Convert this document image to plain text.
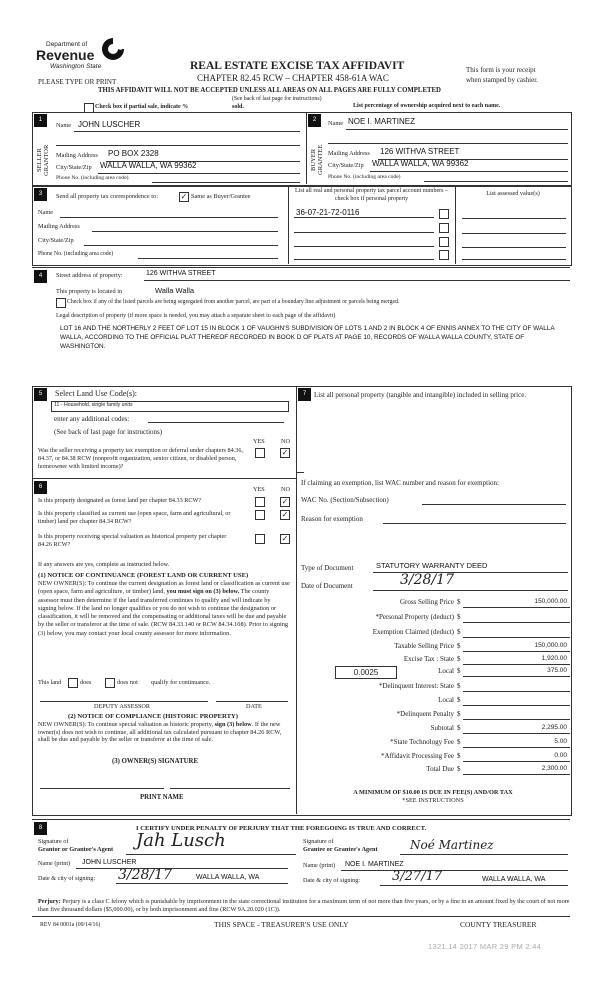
Department of
Revenue
Washington State	REAL ESTATE EXCISE TAX AFFIDAVIT
PLEASE TYPE OR PRINT	CHAPTER 82.45 RCW – CHAPTER 458-61A WAC
This form is your receipt
when stamped by cashier.
THIS AFFIDAVIT WILL NOT BE ACCEPTED UNLESS ALL AREAS ON ALL PAGES ARE FULLY COMPLETED
(See back of last page for instructions)
Check box if partial sale, indicate %	sold.	List percentage of ownership acquired next to each name.
1
SELLER GRANTOR
Name JOHN LUSCHER
Mailing Address PO BOX 2328
City/State/Zip WALLA WALLA, WA 99362
Phone No. (including area code)
2
BUYER GRANTEE
Name NOE I. MARTINEZ
Mailing Address 126 WITHVA STREET
City/State/Zip WALLA WALLA, WA 99362
Phone No. (including area code)
3	Send all property tax correspondence to:	✓ Same as Buyer/Grantee
Name
Mailing Address
City/State/Zip
Phone No. (including area code)
List all real and personal property tax parcel account numbers – check box if personal property
List assessed value(s)
36-07-21-72-0116
4	Street address of property:	126 WITHVA STREET
This property is located in	Walla Walla
Check box if any of the listed parcels are being segregated from another parcel, are part of a boundary line adjustment or parcels being merged.
Legal description of property (if more space is needed, you may attach a separate sheet to each page of the affidavit)
LOT 16 AND THE NORTHERLY 2 FEET OF LOT 15 IN BLOCK 1 OF VAUGHN'S SUBDIVISION OF LOTS 1 AND 2 IN BLOCK 4 OF ENNIS ANNEX TO THE CITY OF WALLA WALLA, ACCORDING TO THE OFFICIAL PLAT THEREOF RECORDED IN BOOK D OF PLATS AT PAGE 10, RECORDS OF WALLA WALLA COUNTY, STATE OF WASHINGTON.
5	Select Land Use Code(s):
11 - Household, single family units
enter any additional codes:
(See back of last page for instructions)
YES	NO
Was the seller receiving a property tax exemption or deferral under chapters 84.36, 84.37, or 84.38 RCW (nonprofit organization, senior citizen, or disabled person, homeowner with limited income)?
✓
6	YES	NO
Is this property designated as forest land per chapter 84.33 RCW?	✓
Is this property classified as current use (open space, farm and agricultural, or timber) land per chapter 84.34 RCW?
✓
Is this property receiving special valuation as historical property per chapter 84.26 RCW?
✓
If any answers are yes, complete as instructed below.
(1) NOTICE OF CONTINUANCE (FOREST LAND OR CURRENT USE)
NEW OWNER(S): To continue the current designation as forest land or classification as current use (open space, farm and agriculture, or timber) land, you must sign on (3) below. The county assessor must then determine if the land transferred continues to qualify and will indicate by signing below. If the land no longer qualifies or you do not wish to continue the designation or classification, it will be removed and the compensating or additional taxes will be due and payable by the seller or transferor at the time of sale. (RCW 84.33.140 or RCW 84.34.108). Prior to signing (3) below, you may contact your local county assessor for more information.
This land	does	does not qualify for continuance.
DEPUTY ASSESSOR	DATE
(2) NOTICE OF COMPLIANCE (HISTORIC PROPERTY)
NEW OWNER(S): To continue special valuation as historic property, sign (3) below. If the new owner(s) does not wish to continue, all additional tax calculated pursuant to chapter 84.26 RCW, shall be due and payable by the seller or transferor at the time of sale.
(3) OWNER(S) SIGNATURE
PRINT NAME
7	List all personal property (tangible and intangible) included in selling price.
If claiming an exemption, list WAC number and reason for exemption:
WAC No. (Section/Subsection)
Reason for exemption
Type of Document	STATUTORY WARRANTY DEED
Date of Document	3/28/17
Gross Selling Price $	150,000.00
*Personal Property (deduct) $
Exemption Claimed (deduct) $
Taxable Selling Price $	150,000.00
Excise Tax : State $	1,920.00
0.0025	Local $	375.00
*Delinquent Interest: State $
Local $
*Delinquent Penalty $
Subtotal $	2,295.00
*State Technology Fee $	5.00
*Affidavit Processing Fee $	0.00
Total Due $	2,300.00
A MINIMUM OF $10.00 IS DUE IN FEE(S) AND/OR TAX
*SEE INSTRUCTIONS
8	I CERTIFY UNDER PENALTY OF PERJURY THAT THE FOREGOING IS TRUE AND CORRECT.
Signature of
Grantor or Grantor's Agent Jah Lusch
Name (print) JOHN LUSCHER
Date & city of signing: 3/28/17	WALLA WALLA, WA
Signature of
Grantee or Grantee's Agent	Noé Martinez
Name (print) NOE I. MARTINEZ
Date & city of signing: 3/27/17	WALLA WALLA, WA
Perjury: Perjury is a class C felony which is punishable by imprisonment in the state correctional institution for a maximum term of not more than five years, or by a fine in an amount fixed by the court of not more than five thousand dollars ($5,000.00), or by both imprisonment and fine (RCW 9A.20.020 (1C)).
REV 84 0001a (09/14/16)	THIS SPACE - TREASURER'S USE ONLY	COUNTY TREASURER
1321.14 2017 MAR 29 PM 2:44
